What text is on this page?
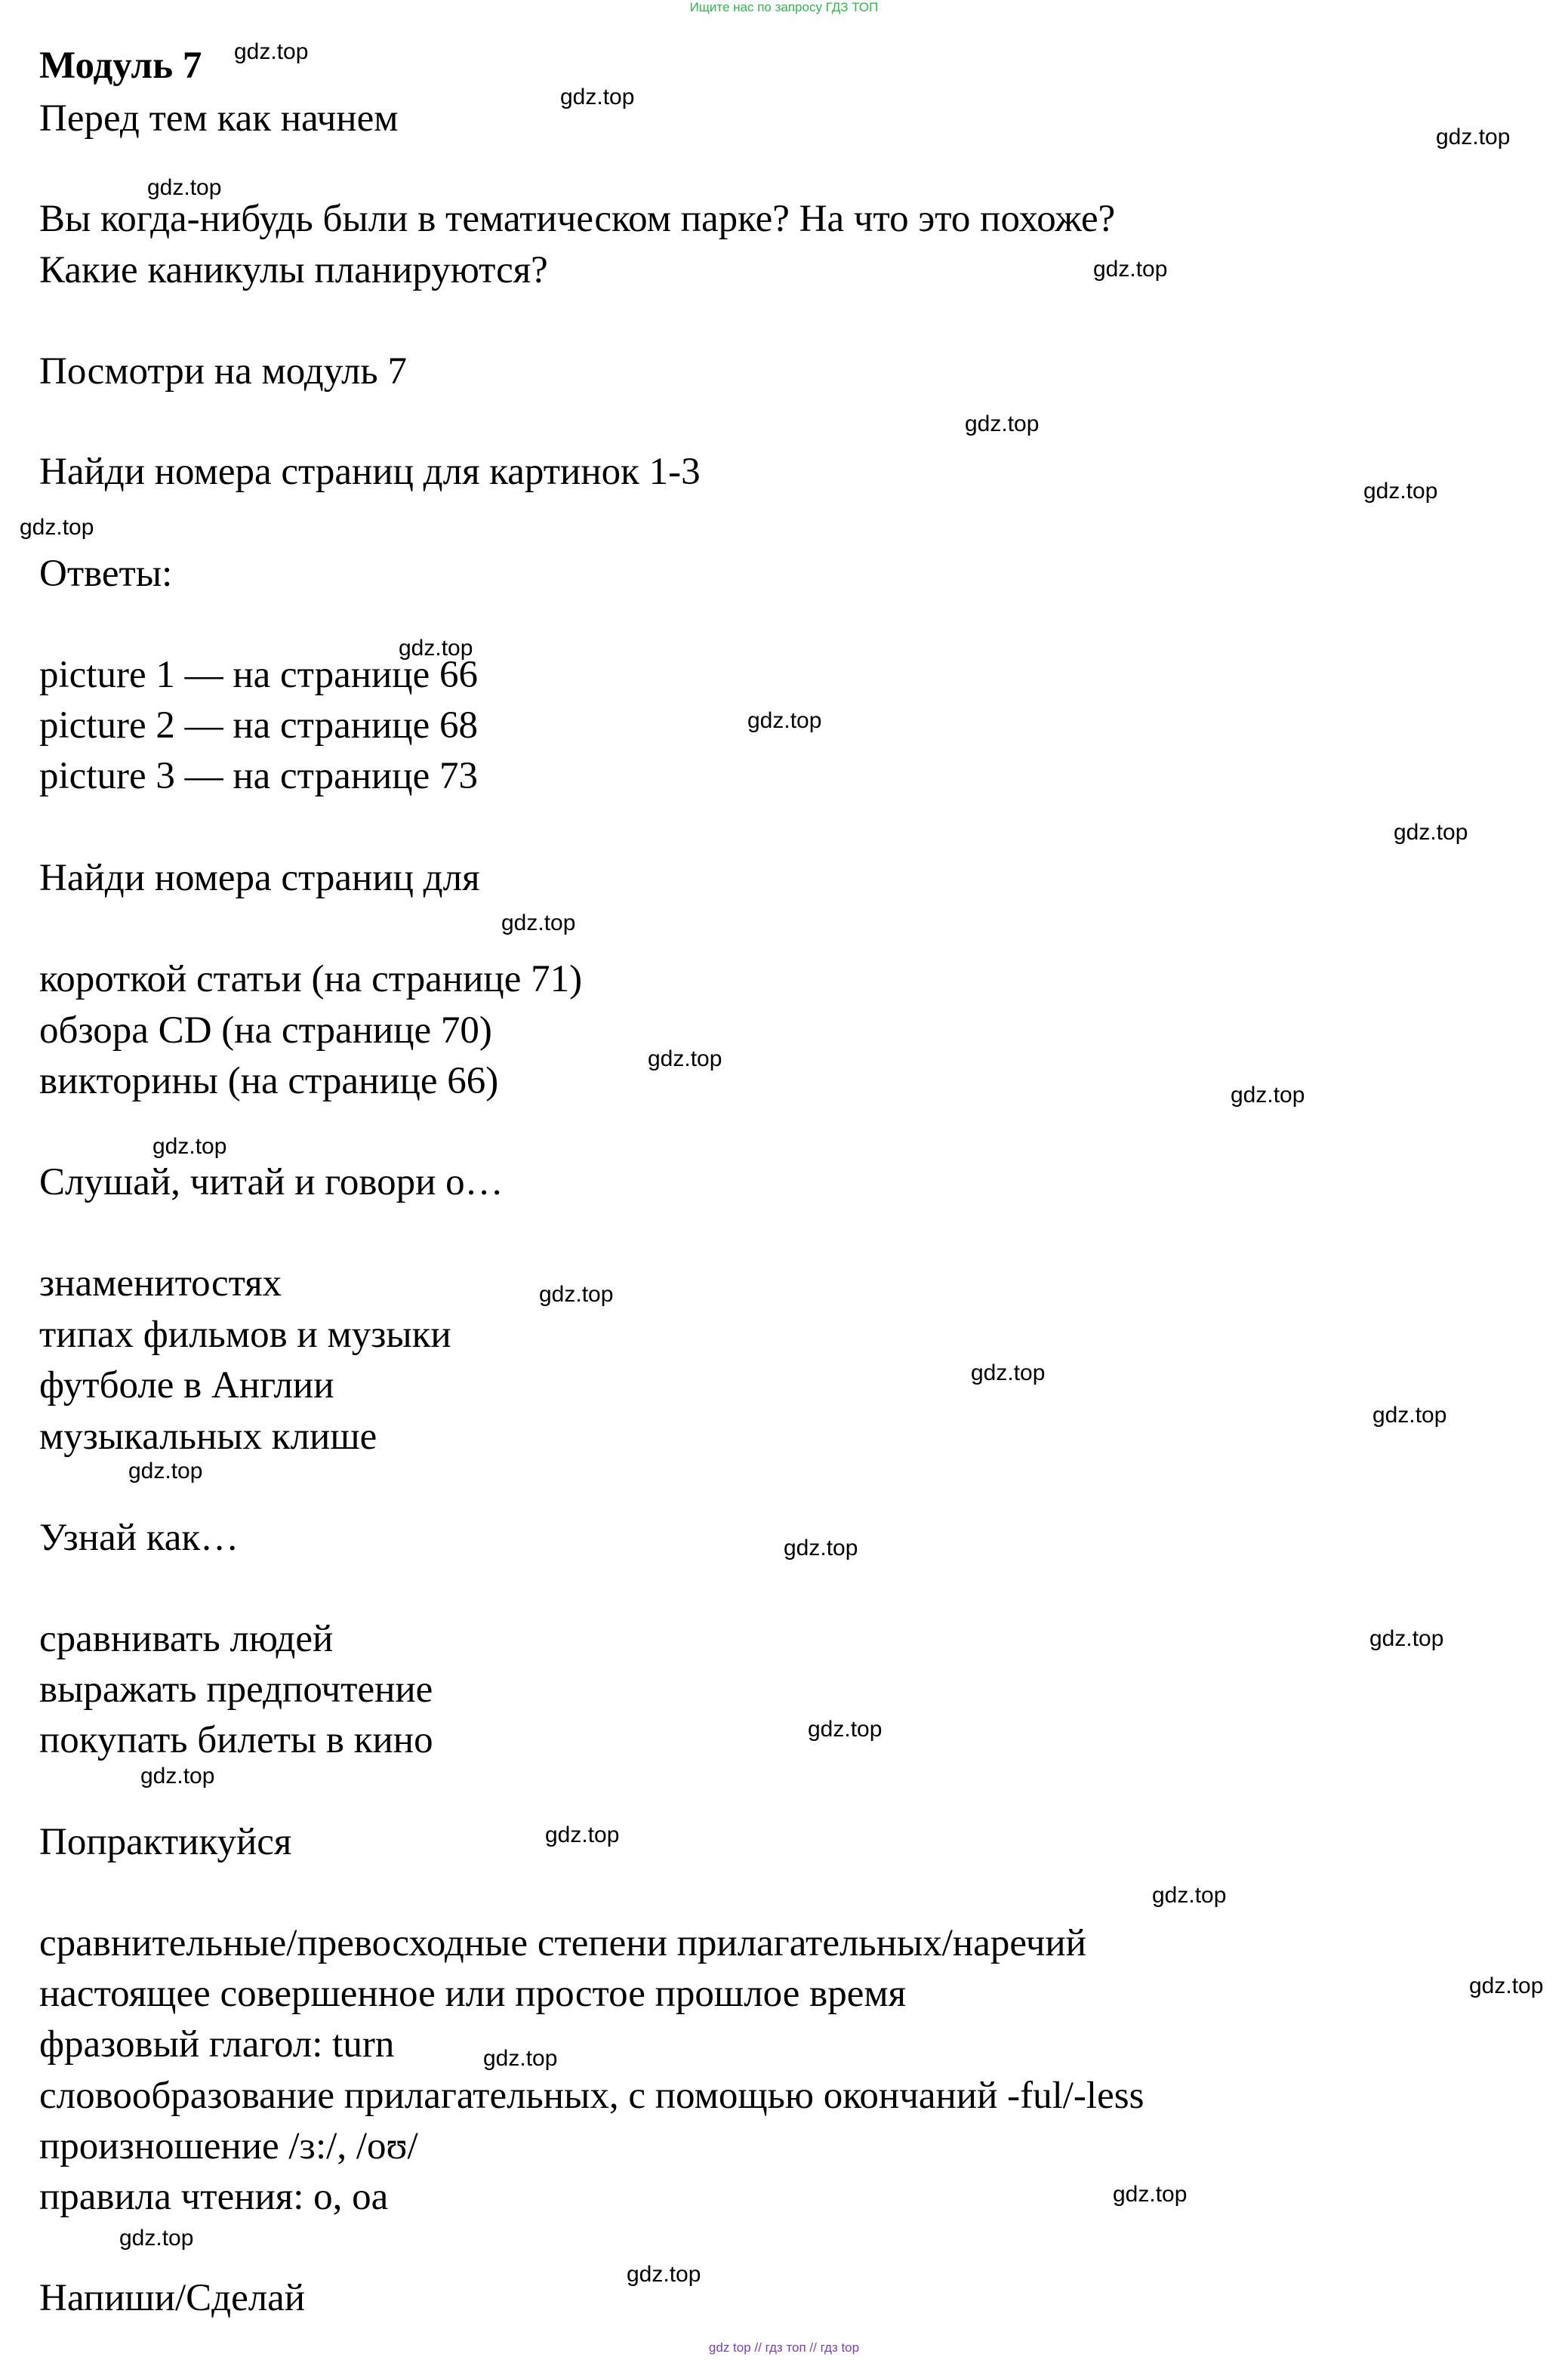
Ищите нас по запросу ГДЗ ТОП
Модуль 7
Перед тем как начнем
Вы когда-нибудь были в тематическом парке? На что это похоже?
Какие каникулы планируются?
Посмотри на модуль 7
Найди номера страниц для картинок 1-3
Ответы:
picture 1 — на странице 66
picture 2 — на странице 68
picture 3 — на странице 73
Найди номера страниц для
короткой статьи (на странице 71)
обзора CD (на странице 70)
викторины (на странице 66)
Слушай, читай и говори о…
знаменитостях
типах фильмов и музыки
футболе в Англии
музыкальных клише
Узнай как…
сравнивать людей
выражать предпочтение
покупать билеты в кино
Попрактикуйся
сравнительные/превосходные степени прилагательных/наречий
настоящее совершенное или простое прошлое время
фразовый глагол: turn
словообразование прилагательных, с помощью окончаний -ful/-less
произношение /ɜ:/, /oʊ/
правила чтения: o, oa
Напиши/Сделай
gdz.top
gdz.top
gdz.top
gdz.top
gdz.top
gdz.top
gdz.top
gdz.top
gdz.top
gdz.top
gdz.top
gdz.top
gdz.top
gdz.top
gdz.top
gdz.top
gdz.top
gdz.top
gdz.top
gdz.top
gdz.top
gdz.top
gdz.top
gdz.top
gdz.top
gdz.top
gdz.top
gdz.top
gdz.top
gdz.top
gdz top // гдз топ // гдз top
